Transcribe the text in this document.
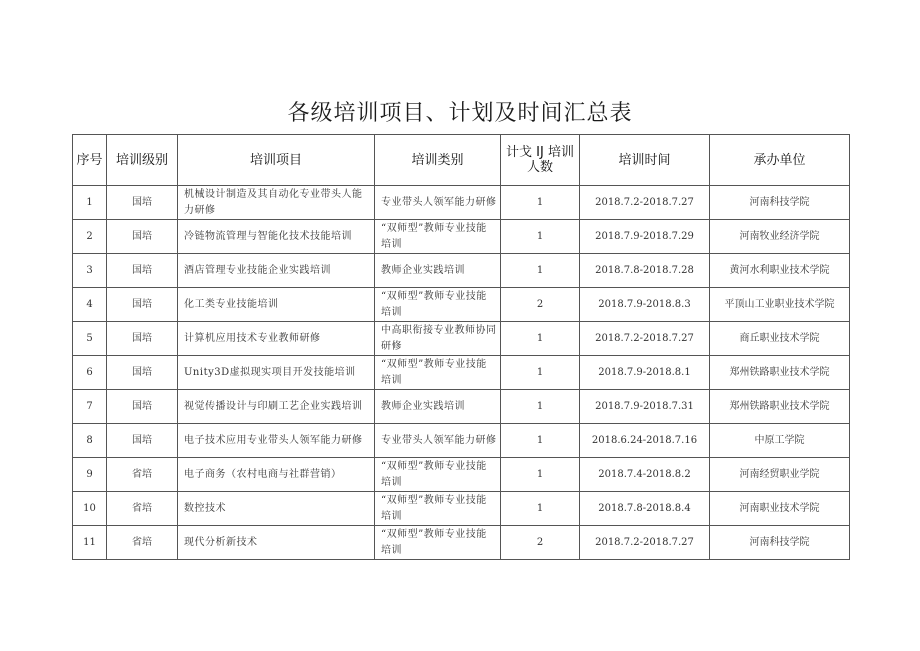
各级培训项目、计划及时间汇总表
序号	培训级别	培训项目	培训类别	计戈 IJ 培训人数	培训时间	承办单位
1	国培	机械设计制造及其自动化专业带头人能力研修	专业带头人领军能力研修	1	2018.7.2-2018.7.27	河南科技学院
2	国培	冷链物流管理与智能化技术技能培训	“双师型”教师专业技能培训	1	2018.7.9-2018.7.29	河南牧业经济学院
3	国培	酒店管理专业技能企业实践培训	教师企业实践培训	1	2018.7.8-2018.7.28	黄河水利职业技术学院
4	国培	化工类专业技能培训	“双师型”教师专业技能培训	2	2018.7.9-2018.8.3	平顶山工业职业技术学院
5	国培	计算机应用技术专业教师研修	中高职衔接专业教师协同研修	1	2018.7.2-2018.7.27	商丘职业技术学院
6	国培	Unity3D虚拟现实项目开发技能培训	“双师型”教师专业技能培训	1	2018.7.9-2018.8.1	郑州铁路职业技术学院
7	国培	视觉传播设计与印刷工艺企业实践培训	教师企业实践培训	1	2018.7.9-2018.7.31	郑州铁路职业技术学院
8	国培	电子技术应用专业带头人领军能力研修	专业带头人领军能力研修	1	2018.6.24-2018.7.16	中原工学院
9	省培	电子商务（农村电商与社群营销）	“双师型”教师专业技能培训	1	2018.7.4-2018.8.2	河南经贸职业学院
10	省培	数控技术	“双师型”教师专业技能培训	1	2018.7.8-2018.8.4	河南职业技术学院
11	省培	现代分析新技术	“双师型”教师专业技能培训	2	2018.7.2-2018.7.27	河南科技学院
